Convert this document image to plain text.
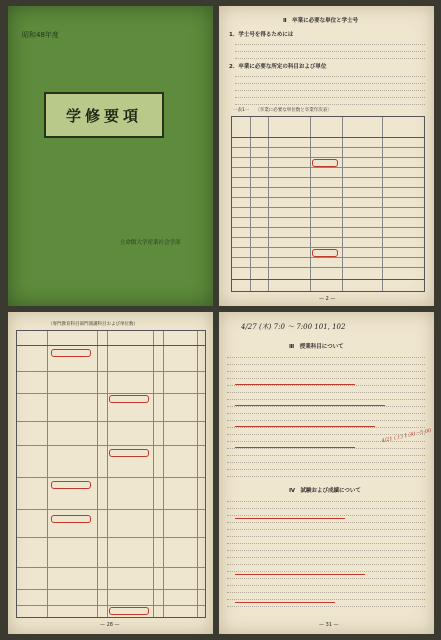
昭和48年度
学修要項
立命館大学産業社会学部
Ⅱ　卒業に必要な単位と学士号
1．学士号を得るためには
2．卒業に必要な所定の科目および単位
一表1一　 〔卒業に必要な単位数と卒業年次表〕
— 2 —
（専門教育科目部門開講科目および単位数）
— 28 —
4/27 (木) 7:0 ～ 7:00 101, 102
Ⅲ　授業科目について
4/21 (土) 1:30～5:00
Ⅳ　試験および成績について
— 31 —
